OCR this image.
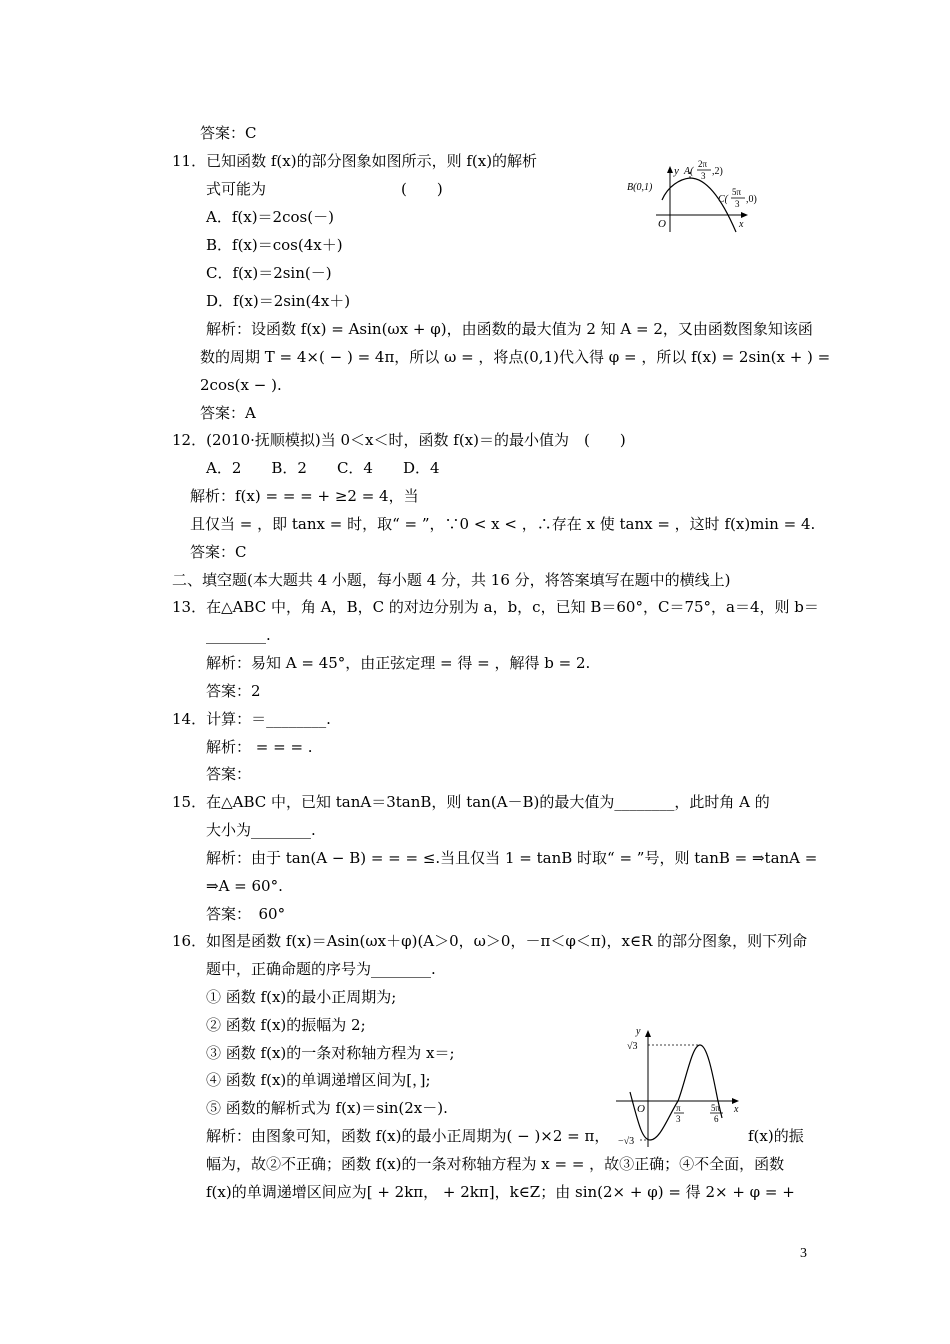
答案：C
11．已知函数 f(x)的部分图象如图所示，则 f(x)的解析
式可能为　　　　　　　　　(　　)
A．f(x)＝2cos(－)
B．f(x)＝cos(4x＋)
C．f(x)＝2sin(－)
D．f(x)＝2sin(4x＋)
解析：设函数 f(x) = Asin(ωx + φ)，由函数的最大值为 2 知 A = 2，又由函数图象知该函
数的周期 T = 4×( − ) = 4π，所以 ω = ，将点(0,1)代入得 φ = ，所以 f(x) = 2sin(x + ) =
2cos(x − ).
答案：A
12．(2010·抚顺模拟)当 0＜x＜时，函数 f(x)＝的最小值为　(　　)
A．2　　B．2　　C．4　　D．4
解析：f(x) = = = + ≥2 = 4，当
且仅当 = ，即 tanx = 时，取“ = ”，∵0 < x < ，∴存在 x 使 tanx = ，这时 f(x)min = 4.
答案：C
二、填空题(本大题共 4 小题，每小题 4 分，共 16 分，将答案填写在题中的横线上)
13．在△ABC 中，角 A，B，C 的对边分别为 a，b，c，已知 B＝60°，C＝75°，a＝4，则 b＝
________.
解析：易知 A = 45°，由正弦定理 = 得 = ，解得 b = 2.
答案：2
14．计算：＝________.
解析： = = = .
答案：
15．在△ABC 中，已知 tanA＝3tanB，则 tan(A－B)的最大值为________，此时角 A 的
大小为________.
解析：由于 tan(A − B) = = = ≤.当且仅当 1 = tanB 时取“ = ”号，则 tanB = ⇒tanA =
⇒A = 60°.
答案：　60°
16．如图是函数 f(x)＝Asin(ωx＋φ)(A＞0，ω＞0，－π＜φ＜π)，x∈R 的部分图象，则下列命
题中，正确命题的序号为________.
① 函数 f(x)的最小正周期为;
② 函数 f(x)的振幅为 2;
③ 函数 f(x)的一条对称轴方程为 x＝;
④ 函数 f(x)的单调递增区间为[，];
⑤ 函数的解析式为 f(x)＝sin(2x－).
解析：由图象可知，函数 f(x)的最小正周期为( − )×2 = π，	f(x)的振
幅为，故②不正确；函数 f(x)的一条对称轴方程为 x = = ，故③正确；④不全面，函数
f(x)的单调递增区间应为[ + 2kπ， + 2kπ]，k∈Z；由 sin(2× + φ) = 得 2× + φ = +
y
O	x
B(0,1)
A(
2π
3 ,2)
C(
5π
3 ,0)
y
√3
−√3
O	x
π
3
5π
6
3
